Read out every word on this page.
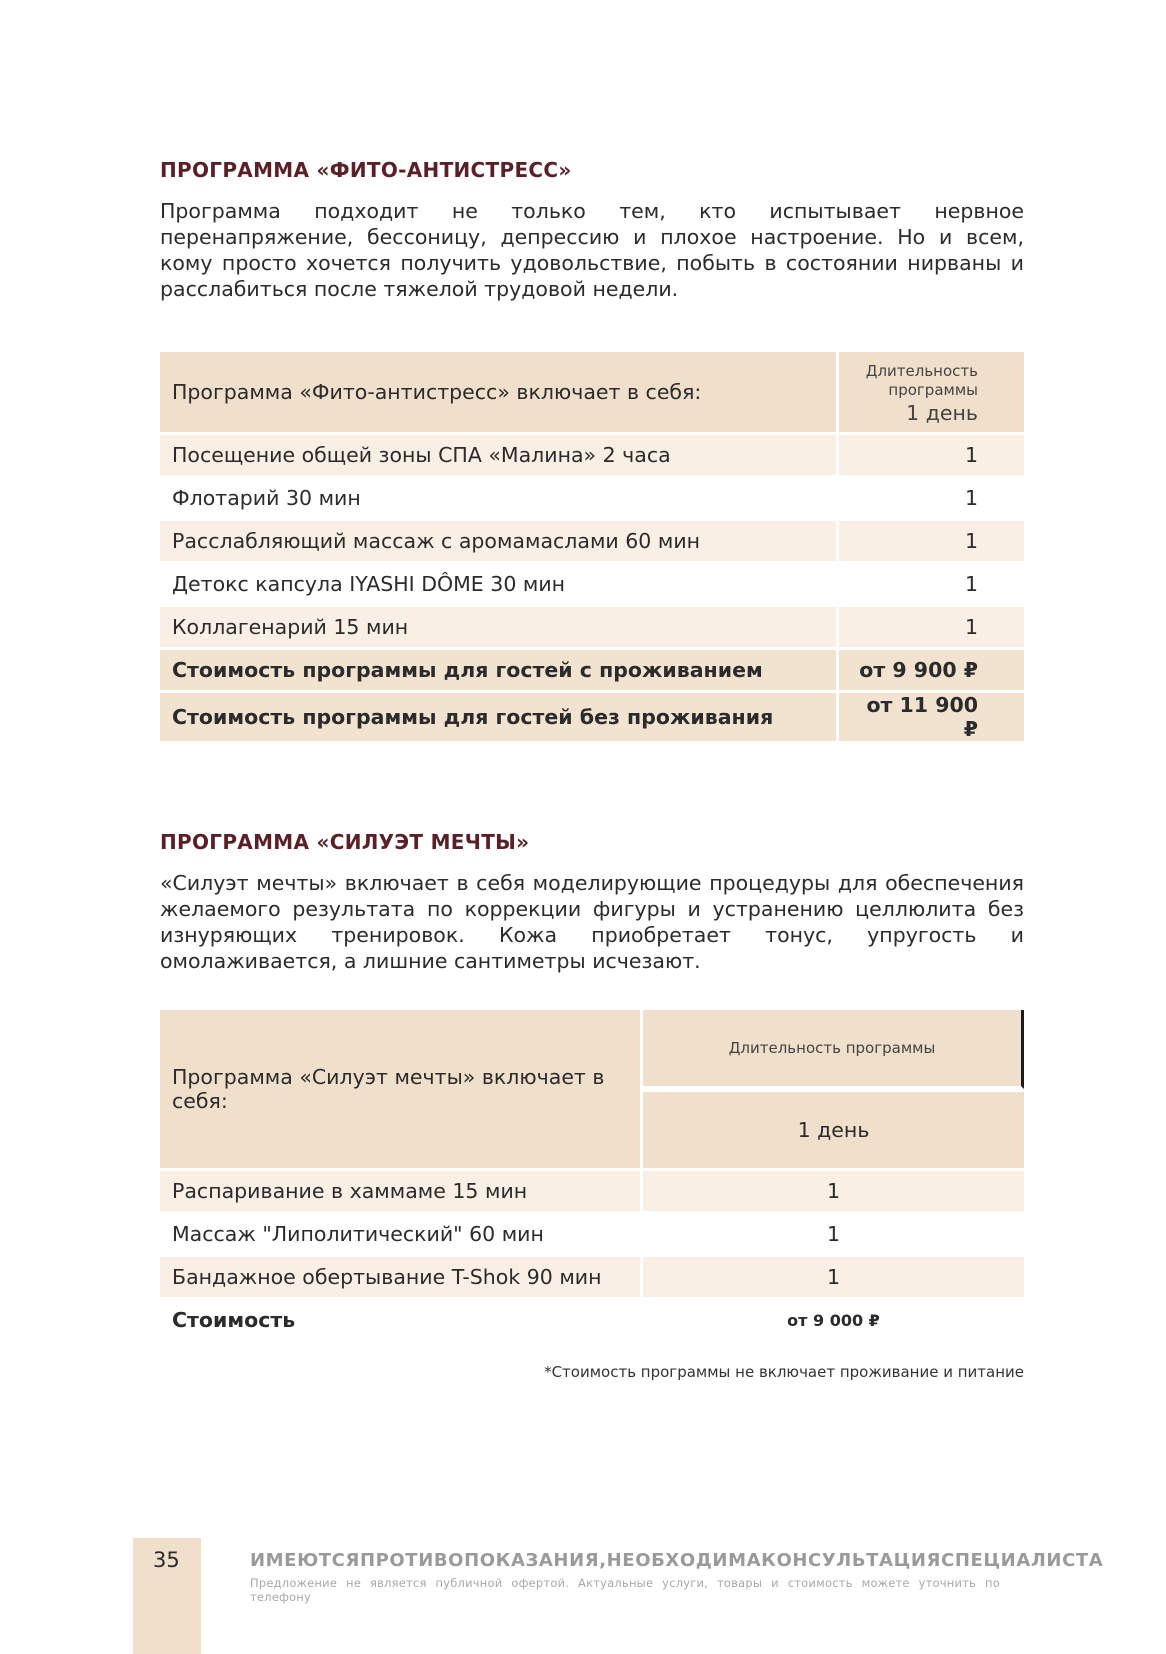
ПРОГРАММА «ФИТО-АНТИСТРЕСС»

Программа подходит не только тем, кто испытывает нервное перенапряжение, бессоницу, депрессию и плохое настроение. Но и всем, кому просто хочется получить удовольствие, побыть в состоянии нирваны и расслабиться после тяжелой трудовой недели.

Программа «Фито-антистресс» включает в себя:	Длительность программы
1 день

Посещение общей зоны СПА «Малина» 2 часа	1
Флотарий 30 мин	1
Расслабляющий массаж с аромамаслами 60 мин	1
Детокс капсула IYASHI DÔME 30 мин	1
Коллагенарий 15 мин	1
Стоимость программы для гостей с проживанием	от 9 900 ₽
Стоимость программы для гостей без проживания	от 11 900 ₽
ПРОГРАММА «СИЛУЭТ МЕЧТЫ»

«Силуэт мечты» включает в себя моделирующие процедуры для обеспечения желаемого результата по коррекции фигуры и устранению целлюлита без изнуряющих тренировок. Кожа приобретает тонус, упругость и омолаживается, а лишние сантиметры исчезают.

Программа «Силуэт мечты» включает в себя:	Длительность программы
	1 день
Распаривание в хаммаме 15 мин	1
Массаж "Липолитический" 60 мин	1
Бандажное обертывание T-Shok 90 мин	1
Стоимость	от 9 000 ₽
*Стоимость программы не включает проживание и питание
35	ИМЕЮТСЯ ПРОТИВОПОКАЗАНИЯ, НЕОБХОДИМА КОНСУЛЬТАЦИЯ СПЕЦИАЛИСТА
Предложение не является публичной офертой. Актуальные услуги, товары и стоимость можете уточнить по телефону
